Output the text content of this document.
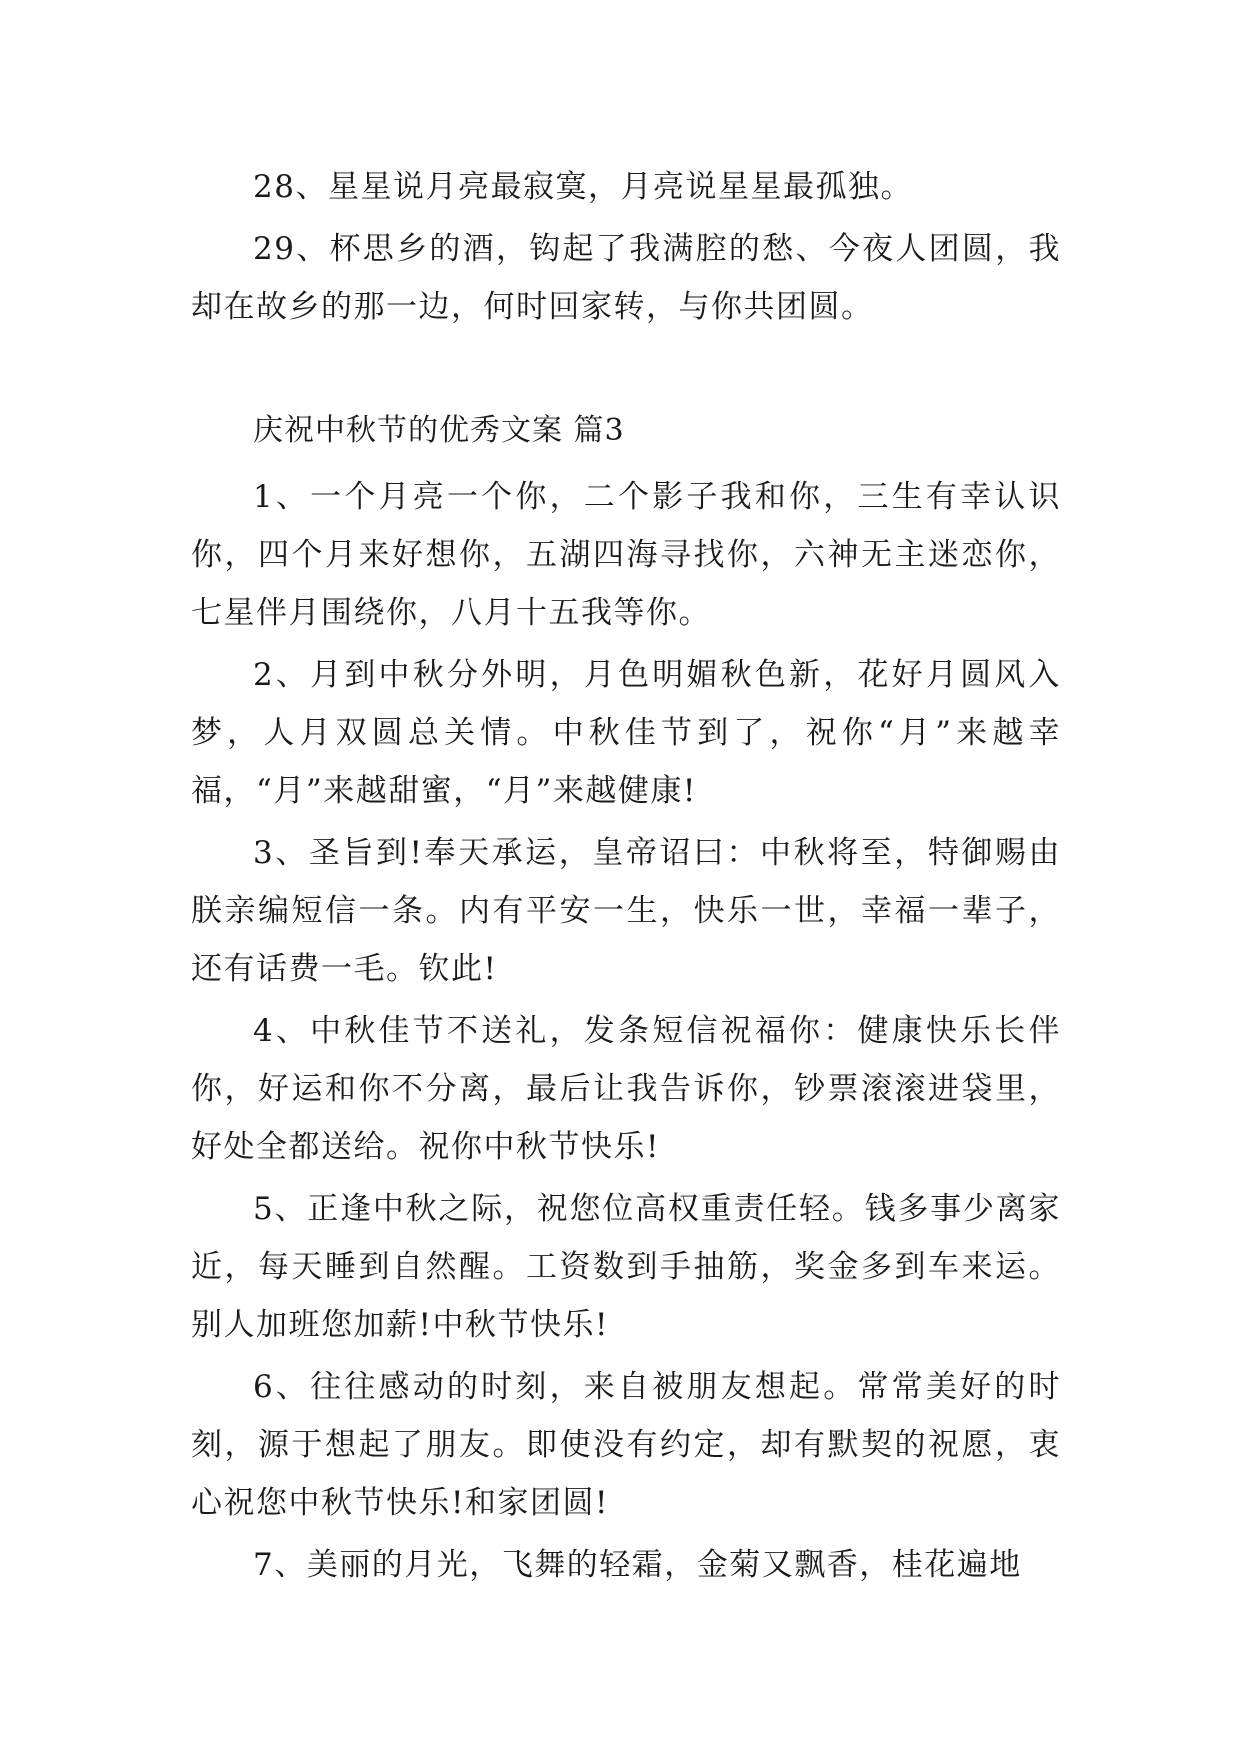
28、星星说月亮最寂寞，月亮说星星最孤独。

29、杯思乡的酒，钩起了我满腔的愁、今夜人团圆，我却在故乡的那一边，何时回家转，与你共团圆。

庆祝中秋节的优秀文案 篇3

1、一个月亮一个你，二个影子我和你，三生有幸认识你，四个月来好想你，五湖四海寻找你，六神无主迷恋你，七星伴月围绕你，八月十五我等你。

2、月到中秋分外明，月色明媚秋色新，花好月圆风入梦，人月双圆总关情。中秋佳节到了，祝你“月”来越幸福，“月”来越甜蜜，“月”来越健康!

3、圣旨到!奉天承运，皇帝诏曰：中秋将至，特御赐由朕亲编短信一条。内有平安一生，快乐一世，幸福一辈子，还有话费一毛。钦此!

4、中秋佳节不送礼，发条短信祝福你：健康快乐长伴你，好运和你不分离，最后让我告诉你，钞票滚滚进袋里，好处全都送给。祝你中秋节快乐!

5、正逢中秋之际，祝您位高权重责任轻。钱多事少离家近，每天睡到自然醒。工资数到手抽筋，奖金多到车来运。别人加班您加薪!中秋节快乐!

6、往往感动的时刻，来自被朋友想起。常常美好的时刻，源于想起了朋友。即使没有约定，却有默契的祝愿，衷心祝您中秋节快乐!和家团圆!

7、美丽的月光，飞舞的轻霜，金菊又飘香，桂花遍地
